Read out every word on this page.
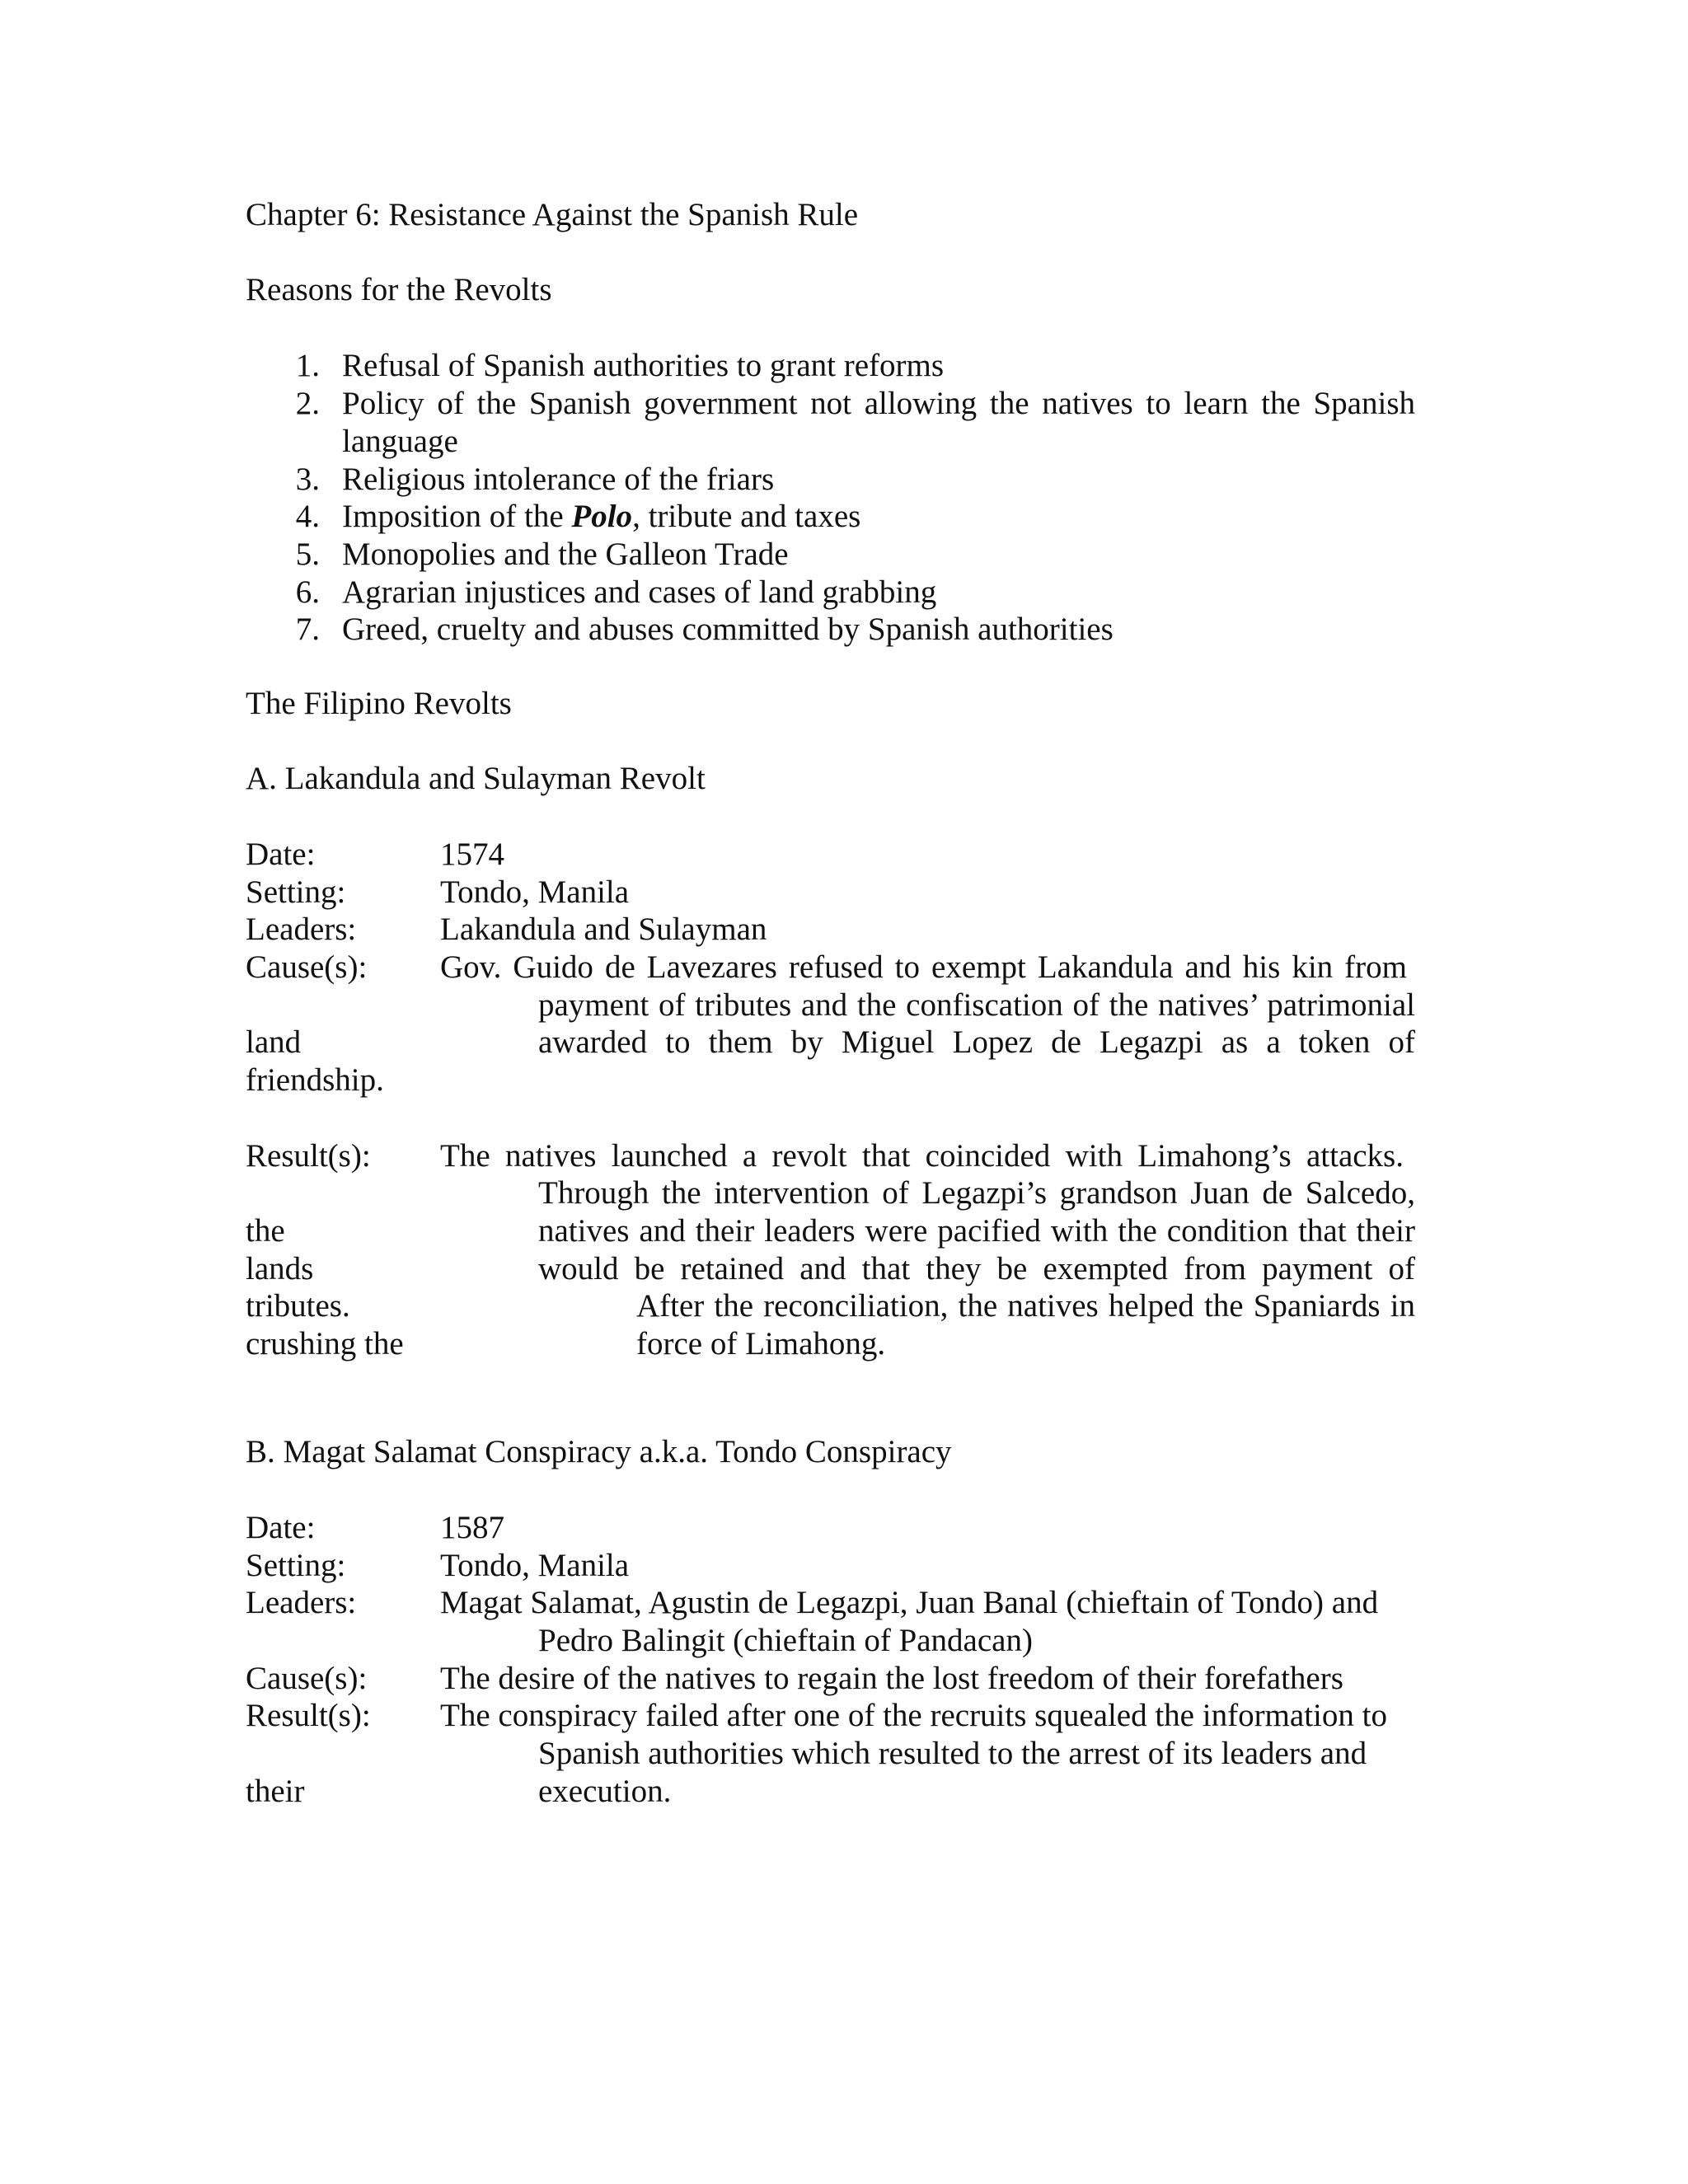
Chapter 6: Resistance Against the Spanish Rule
Reasons for the Revolts
1. Refusal of Spanish authorities to grant reforms
2. Policy of the Spanish government not allowing the natives to learn the Spanish
language
3. Religious intolerance of the friars
4. Imposition of the Polo, tribute and taxes
5. Monopolies and the Galleon Trade
6. Agrarian injustices and cases of land grabbing
7. Greed, cruelty and abuses committed by Spanish authorities
The Filipino Revolts
A. Lakandula and Sulayman Revolt
Date:	1574
Setting:	Tondo, Manila
Leaders:	Lakandula and Sulayman
Cause(s): Gov. Guido de Lavezares refused to exempt Lakandula and his kin from
payment of tributes and the confiscation of the natives’ patrimonial
land	awarded to them by Miguel Lopez de Legazpi as a token of
friendship.
Result(s): The natives launched a revolt that coincided with Limahong’s attacks.
Through the intervention of Legazpi’s grandson Juan de Salcedo,
the	natives and their leaders were pacified with the condition that their
lands	would be retained and that they be exempted from payment of
tributes.	After the reconciliation, the natives helped the Spaniards in
crushing the	force of Limahong.
B. Magat Salamat Conspiracy a.k.a. Tondo Conspiracy
Date:	1587
Setting:	Tondo, Manila
Leaders:	Magat Salamat, Agustin de Legazpi, Juan Banal (chieftain of Tondo) and
Pedro Balingit (chieftain of Pandacan)
Cause(s): The desire of the natives to regain the lost freedom of their forefathers
Result(s): The conspiracy failed after one of the recruits squealed the information to
Spanish authorities which resulted to the arrest of its leaders and
their	execution.
